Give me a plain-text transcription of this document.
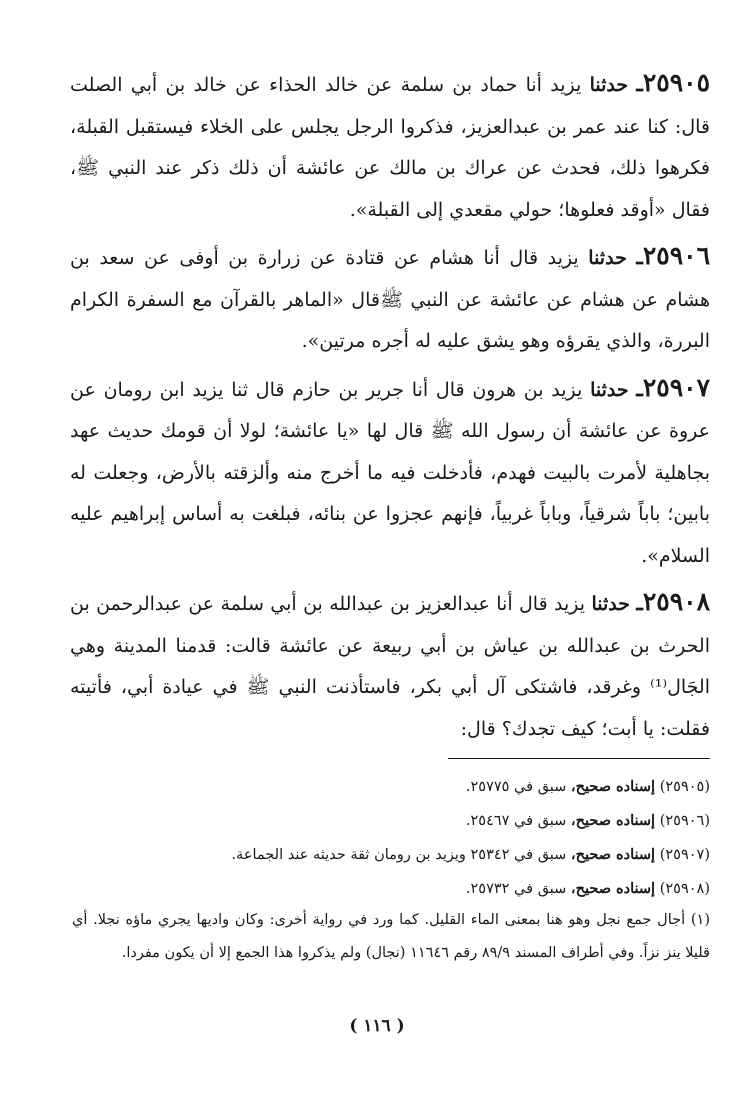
٢٥٩٠٥ـ حدثنا يزيد أنا حماد بن سلمة عن خالد الحذاء عن خالد بن أبي الصلت قال: كنا عند عمر بن عبدالعزيز، فذكروا الرجل يجلس على الخلاء فيستقبل القبلة، فكرهوا ذلك، فحدث عن عراك بن مالك عن عائشة أن ذلك ذكر عند النبي ﷺ، فقال «أوقد فعلوها؛ حولي مقعدي إلى القبلة».

٢٥٩٠٦ـ حدثنا يزيد قال أنا هشام عن قتادة عن زرارة بن أوفى عن سعد بن هشام عن هشام عن عائشة عن النبي ﷺقال «الماهر بالقرآن مع السفرة الكرام البررة، والذي يقرؤه وهو يشق عليه له أجره مرتين».

٢٥٩٠٧ـ حدثنا يزيد بن هرون قال أنا جرير بن حازم قال ثنا يزيد ابن رومان عن عروة عن عائشة أن رسول الله ﷺ قال لها «يا عائشة؛ لولا أن قومك حديث عهد بجاهلية لأمرت بالبيت فهدم، فأدخلت فيه ما أخرج منه وألزقته بالأرض، وجعلت له بابين؛ باباً شرقياً، وباباً غربياً، فإنهم عجزوا عن بنائه، فبلغت به أساس إبراهيم عليه السلام».

٢٥٩٠٨ـ حدثنا يزيد قال أنا عبدالعزيز بن عبدالله بن أبي سلمة عن عبدالرحمن بن الحرث بن عبدالله بن عياش بن أبي ربيعة عن عائشة قالت: قدمنا المدينة وهي الجَال⁽¹⁾ وغرقد، فاشتكى آل أبي بكر، فاستأذنت النبي ﷺ في عيادة أبي، فأتيته فقلت: يا أبت؛ كيف تجدك؟ قال:

(٢٥٩٠٥) إسناده صحيح، سبق في ٢٥٧٧٥.
(٢٥٩٠٦) إسناده صحيح، سبق في ٢٥٤٦٧.
(٢٥٩٠٧) إسناده صحيح، سبق في ٢٥٣٤٢ ويزيد بن رومان ثقة حديثه عند الجماعة.
(٢٥٩٠٨) إسناده صحيح، سبق في ٢٥٧٣٢.
(١) أجال جمع نجل وهو هنا بمعنى الماء القليل. كما ورد في رواية أخرى: وكان واديها يجري ماؤه نجلا. أي قليلا ينز نزاً. وفي أطراف المسند ٨٩/٩ رقم ١١٦٤٦ (نجال) ولم يذكروا هذا الجمع إلا أن يكون مفردا.
( ١١٦ )
